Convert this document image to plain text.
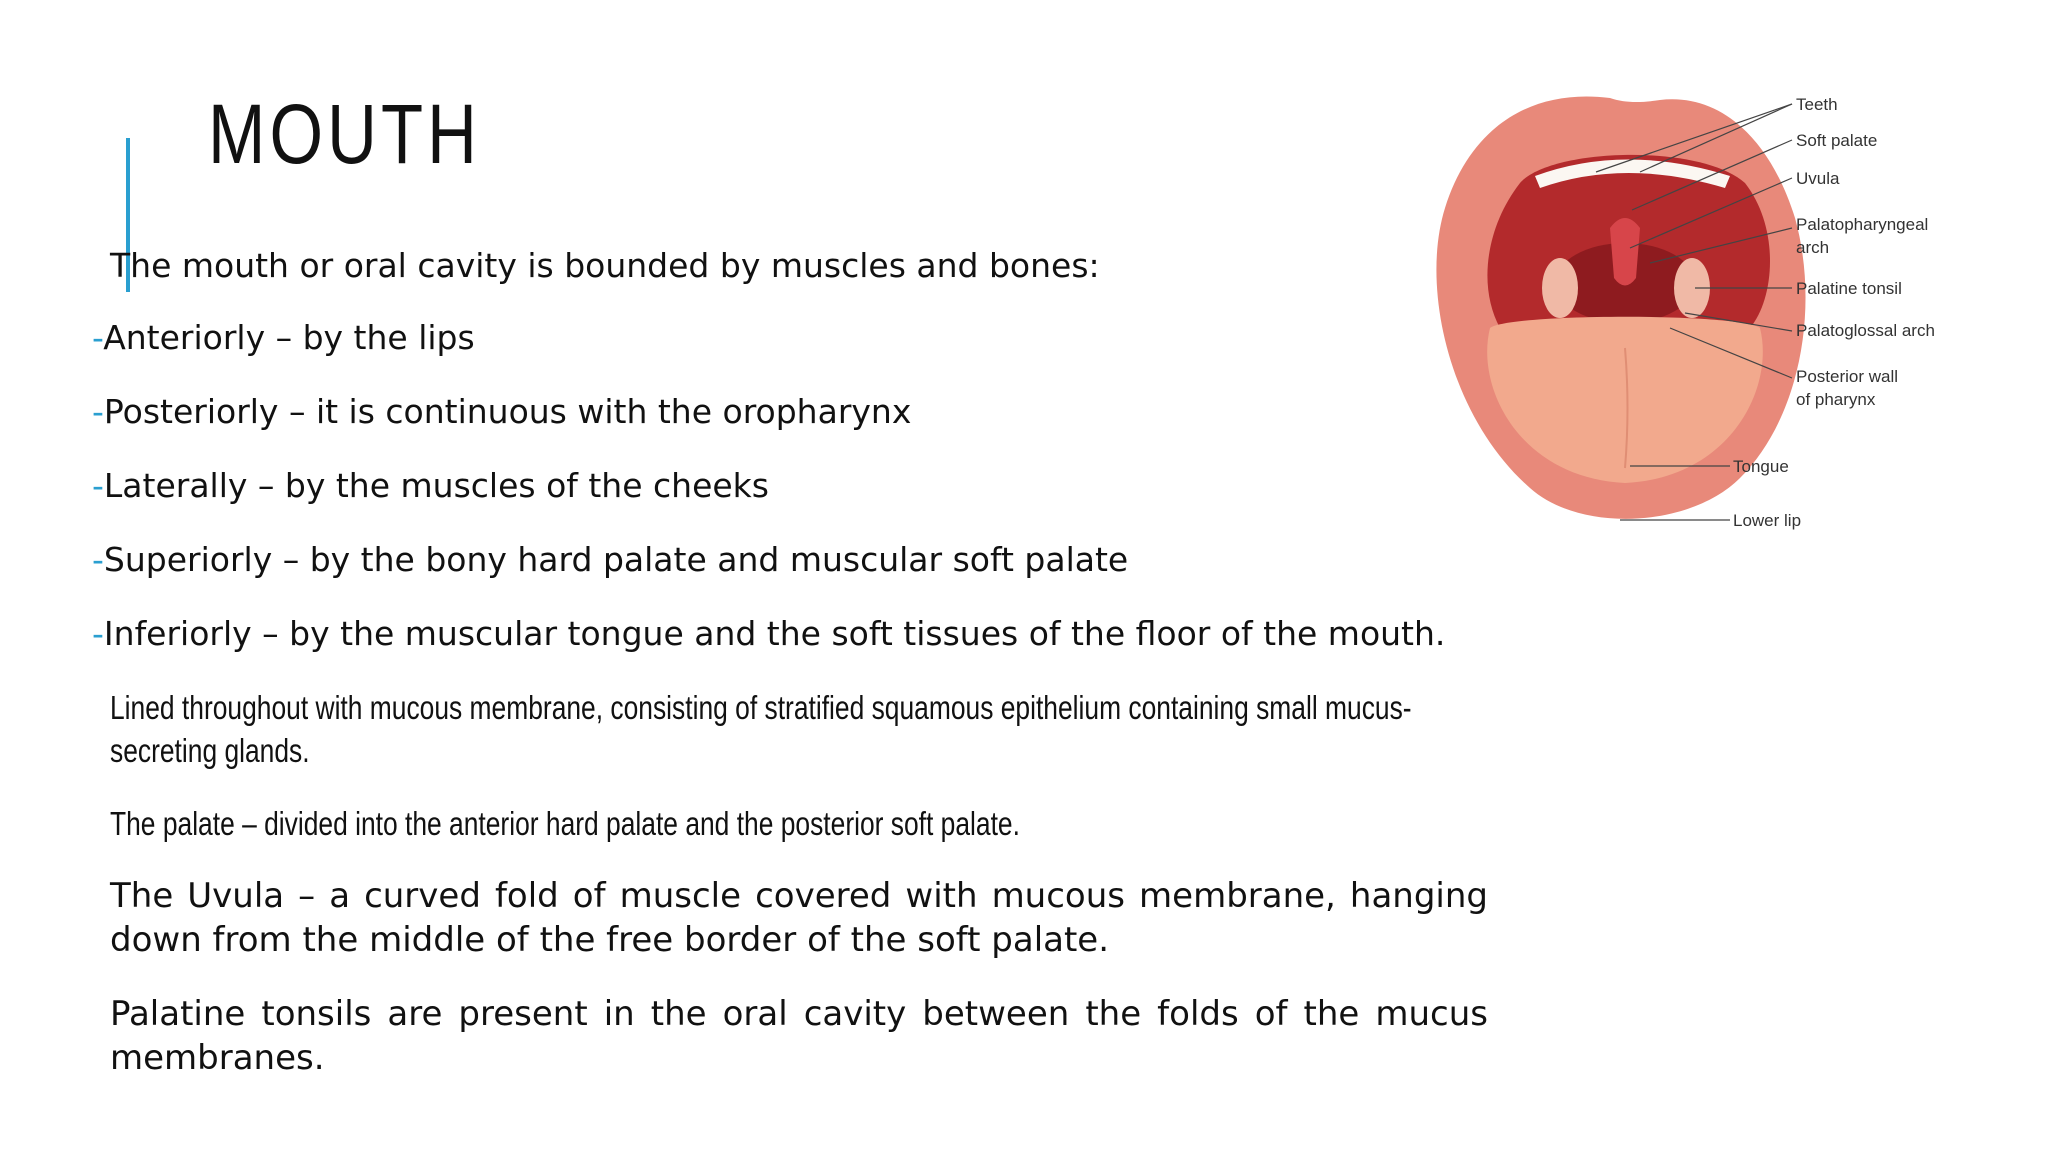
MOUTH

The mouth or oral cavity is bounded by muscles and bones:

-Anteriorly – by the lips
-Posteriorly – it is continuous with the oropharynx
-Laterally – by the muscles of the cheeks
-Superiorly – by the bony hard palate and muscular soft palate
-Inferiorly – by the muscular tongue and the soft tissues of the floor of the mouth.

Lined throughout with mucous membrane, consisting of stratified squamous epithelium containing small mucus-secreting glands.

The palate – divided into the anterior hard palate and the posterior soft palate.

The Uvula – a curved fold of muscle covered with mucous membrane, hanging down from the middle of the free border of the soft palate.

Palatine tonsils are present in the oral cavity between the folds of the mucus membranes.

Teeth
Soft palate
Uvula
Palatopharyngeal
arch
Palatine tonsil
Palatoglossal arch
Posterior wall
of pharynx
Tongue
Lower lip
